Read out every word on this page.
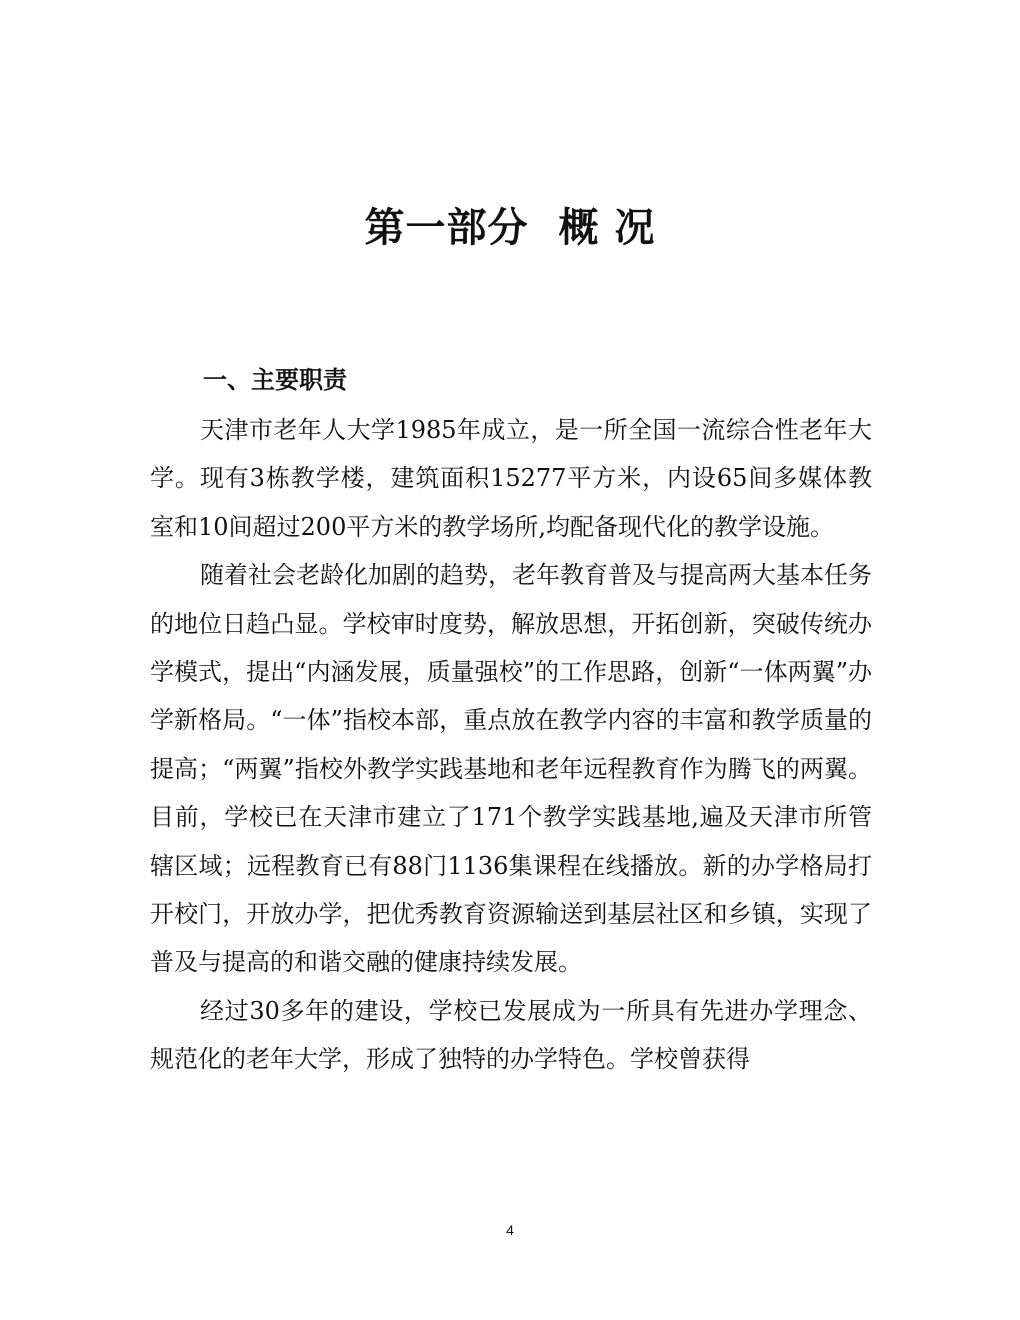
第一部分 概 况
一、主要职责

天津市老年人大学1985年成立，是一所全国一流综合性老年大学。现有3栋教学楼，建筑面积15277平方米，内设65间多媒体教室和10间超过200平方米的教学场所,均配备现代化的教学设施。

随着社会老龄化加剧的趋势，老年教育普及与提高两大基本任务的地位日趋凸显。学校审时度势，解放思想，开拓创新，突破传统办学模式，提出“内涵发展，质量强校”的工作思路，创新“一体两翼”办学新格局。“一体”指校本部，重点放在教学内容的丰富和教学质量的提高；“两翼”指校外教学实践基地和老年远程教育作为腾飞的两翼。目前，学校已在天津市建立了171个教学实践基地,遍及天津市所管辖区域；远程教育已有88门1136集课程在线播放。新的办学格局打开校门，开放办学，把优秀教育资源输送到基层社区和乡镇，实现了普及与提高的和谐交融的健康持续发展。

经过30多年的建设，学校已发展成为一所具有先进办学理念、规范化的老年大学，形成了独特的办学特色。学校曾获得

4
